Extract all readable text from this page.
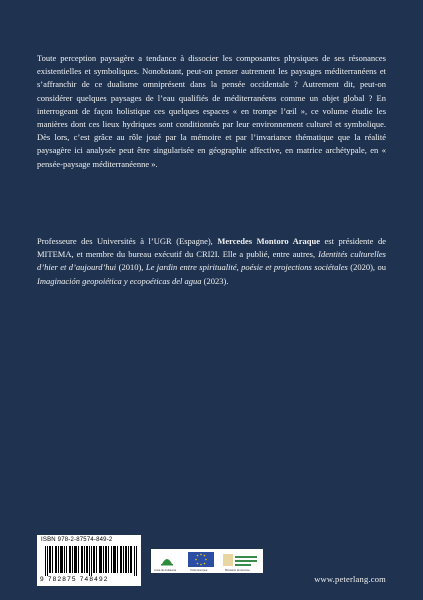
Toute perception paysagère a tendance à dissocier les composantes physiques de ses résonances existentielles et symboliques. Nonobstant, peut-on penser autrement les paysages méditerranéens et s’affranchir de ce dualisme omniprésent dans la pensée occidentale ? Autrement dit, peut-on considérer quelques paysages de l’eau qualifiés de méditerranéens comme un objet global ? En interrogeant de façon holistique ces quelques espaces « en trompe l’œil », ce volume étudie les manières dont ces lieux hydriques sont conditionnés par leur environnement culturel et symbolique. Dès lors, c’est grâce au rôle joué par la mémoire et par l’invariance thématique que la réalité paysagère ici analysée peut être singularisée en géographie affective, en matrice archétypale, en « pensée-paysage méditerranéenne ».

Professeure des Universités à l’UGR (Espagne), Mercedes Montoro Araque est présidente de MITEMA, et membre du bureau exécutif du CRI2I. Elle a publié, entre autres, Identités culturelles d’hier et d’aujourd’hui (2010), Le jardin entre spiritualité, poésie et projections sociétales (2020), ou Imaginación geopoiética y ecopoéticas del agua (2023).

ISBN 978-2-87574-849-2
9 782875 748492
Junta de Andalucía	Unión Europea	Ministerio de Asuntos
www.peterlang.com
